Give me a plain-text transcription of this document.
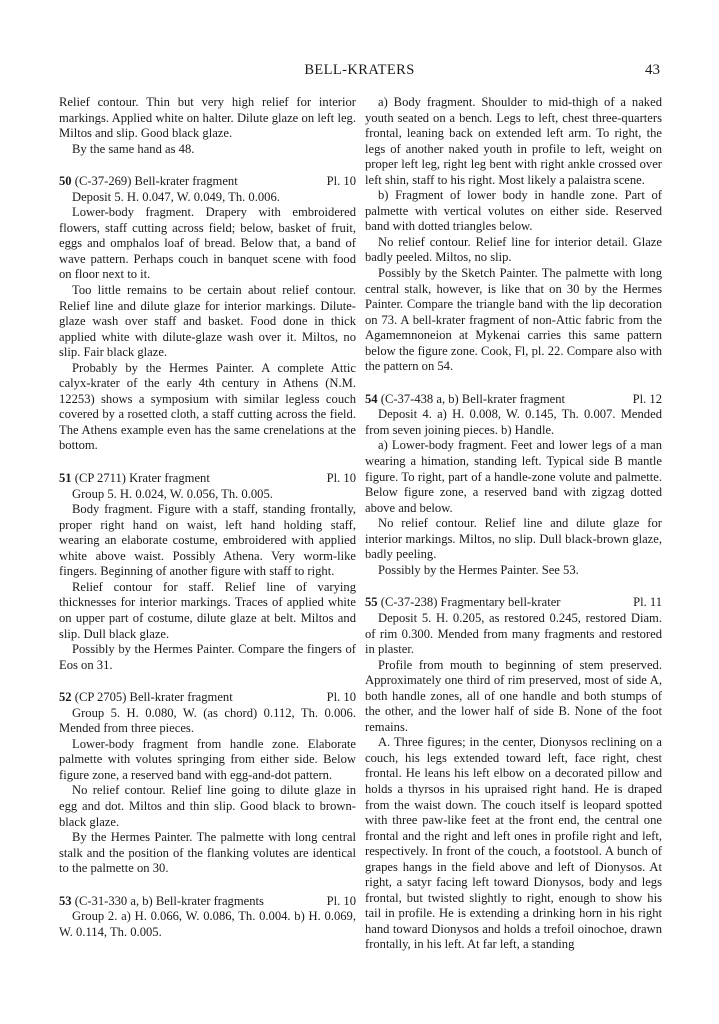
BELL-KRATERS	43

Relief contour. Thin but very high relief for interior markings. Applied white on halter. Dilute glaze on left leg. Miltos and slip. Good black glaze.

By the same hand as 48.

50 (C-37-269) Bell-krater fragment	Pl. 10

Deposit 5. H. 0.047, W. 0.049, Th. 0.006.

Lower-body fragment. Drapery with embroidered flowers, staff cutting across field; below, basket of fruit, eggs and omphalos loaf of bread. Below that, a band of wave pattern. Perhaps couch in banquet scene with food on floor next to it.

Too little remains to be certain about relief contour. Relief line and dilute glaze for interior markings. Dilute-glaze wash over staff and basket. Food done in thick applied white with dilute-glaze wash over it. Miltos, no slip. Fair black glaze.

Probably by the Hermes Painter. A complete Attic calyx-krater of the early 4th century in Athens (N.M. 12253) shows a symposium with similar legless couch covered by a rosetted cloth, a staff cutting across the field. The Athens example even has the same crenelations at the bottom.

51 (CP 2711) Krater fragment	Pl. 10

Group 5. H. 0.024, W. 0.056, Th. 0.005.

Body fragment. Figure with a staff, standing frontally, proper right hand on waist, left hand holding staff, wearing an elaborate costume, embroidered with applied white above waist. Possibly Athena. Very worm-like fingers. Beginning of another figure with staff to right.

Relief contour for staff. Relief line of varying thicknesses for interior markings. Traces of applied white on upper part of costume, dilute glaze at belt. Miltos and slip. Dull black glaze.

Possibly by the Hermes Painter. Compare the fingers of Eos on 31.

52 (CP 2705) Bell-krater fragment	Pl. 10

Group 5. H. 0.080, W. (as chord) 0.112, Th. 0.006. Mended from three pieces.

Lower-body fragment from handle zone. Elaborate palmette with volutes springing from either side. Below figure zone, a reserved band with egg-and-dot pattern.

No relief contour. Relief line going to dilute glaze in egg and dot. Miltos and thin slip. Good black to brown-black glaze.

By the Hermes Painter. The palmette with long central stalk and the position of the flanking volutes are identical to the palmette on 30.

53 (C-31-330 a, b) Bell-krater fragments	Pl. 10

Group 2. a) H. 0.066, W. 0.086, Th. 0.004. b) H. 0.069, W. 0.114, Th. 0.005.

a) Body fragment. Shoulder to mid-thigh of a naked youth seated on a bench. Legs to left, chest three-quarters frontal, leaning back on extended left arm. To right, the legs of another naked youth in profile to left, weight on proper left leg, right leg bent with right ankle crossed over left shin, staff to his right. Most likely a palaistra scene.

b) Fragment of lower body in handle zone. Part of palmette with vertical volutes on either side. Reserved band with dotted triangles below.

No relief contour. Relief line for interior detail. Glaze badly peeled. Miltos, no slip.

Possibly by the Sketch Painter. The palmette with long central stalk, however, is like that on 30 by the Hermes Painter. Compare the triangle band with the lip decoration on 73. A bell-krater fragment of non-Attic fabric from the Agamemnoneion at Mykenai carries this same pattern below the figure zone. Cook, Fl, pl. 22. Compare also with the pattern on 54.

54 (C-37-438 a, b) Bell-krater fragment	Pl. 12

Deposit 4. a) H. 0.008, W. 0.145, Th. 0.007. Mended from seven joining pieces. b) Handle.

a) Lower-body fragment. Feet and lower legs of a man wearing a himation, standing left. Typical side B mantle figure. To right, part of a handle-zone volute and palmette. Below figure zone, a reserved band with zigzag dotted above and below.

No relief contour. Relief line and dilute glaze for interior markings. Miltos, no slip. Dull black-brown glaze, badly peeling.

Possibly by the Hermes Painter. See 53.

55 (C-37-238) Fragmentary bell-krater	Pl. 11

Deposit 5. H. 0.205, as restored 0.245, restored Diam. of rim 0.300. Mended from many fragments and restored in plaster.

Profile from mouth to beginning of stem preserved. Approximately one third of rim preserved, most of side A, both handle zones, all of one handle and both stumps of the other, and the lower half of side B. None of the foot remains.

A. Three figures; in the center, Dionysos reclining on a couch, his legs extended toward left, face right, chest frontal. He leans his left elbow on a decorated pillow and holds a thyrsos in his upraised right hand. He is draped from the waist down. The couch itself is leopard spotted with three paw-like feet at the front end, the central one frontal and the right and left ones in profile right and left, respectively. In front of the couch, a footstool. A bunch of grapes hangs in the field above and left of Dionysos. At right, a satyr facing left toward Dionysos, body and legs frontal, but twisted slightly to right, enough to show his tail in profile. He is extending a drinking horn in his right hand toward Dionysos and holds a trefoil oinochoe, drawn frontally, in his left. At far left, a standing
